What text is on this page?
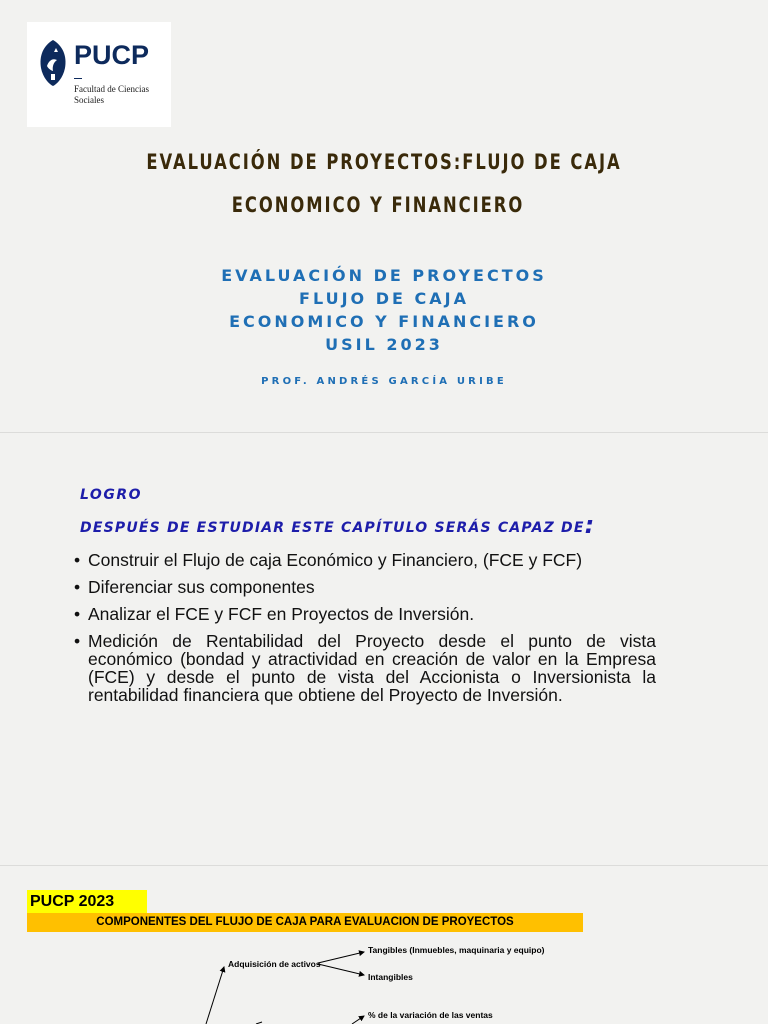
PUCP
Facultad de Ciencias Sociales
EVALUACIÓN DE PROYECTOS:FLUJO DE CAJA
ECONOMICO Y FINANCIERO
EVALUACIÓN DE PROYECTOS
FLUJO DE CAJA
ECONOMICO Y FINANCIERO
USIL 2023
PROF. ANDRÉS GARCÍA URIBE
LOGRO
DESPUÉS DE ESTUDIAR ESTE CAPÍTULO SERÁS CAPAZ DE:
• Construir el Flujo de caja Económico y Financiero, (FCE y FCF)
• Diferenciar sus componentes
• Analizar el FCE y FCF en Proyectos de Inversión.
• Medición de Rentabilidad del Proyecto desde el punto de vista económico (bondad y atractividad en creación de valor en la Empresa (FCE) y desde el punto de vista del Accionista o Inversionista la rentabilidad financiera que obtiene del Proyecto de Inversión.
PUCP 2023
COMPONENTES DEL FLUJO DE CAJA PARA EVALUACION DE PROYECTOS
Adquisición de activos
Tangibles (Inmuebles, maquinaria y equipo)
Intangibles
% de la variación de las ventas
